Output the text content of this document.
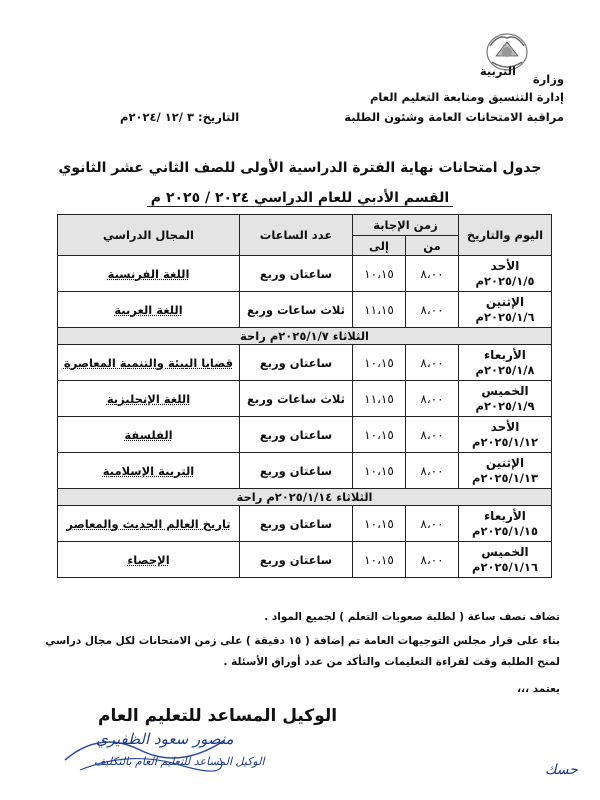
التربية
وزارة
إدارة التنسيق ومتابعة التعليم العام
مراقبة الامتحانات العامة وشئون الطلبة
التاريخ: ٣ /١٢ /٢٠٢٤م
جدول امتحانات نهاية الفترة الدراسية الأولى للصف الثاني عشر الثانوي
القسم الأدبي للعام الدراسي ٢٠٢٤ / ٢٠٢٥ م
اليوم والتاريخ	زمن الإجابة		عدد الساعات	المجال الدراسي
	من	إلى		

الأحد
٢٠٢٥/١/٥م	٨،٠٠	١٠،١٥	ساعتان وربع	اللغة الفرنسية

الإثنين
٢٠٢٥/١/٦م	٨،٠٠	١١،١٥	ثلاث ساعات وربع	اللغة العربية
الثلاثاء ٢٠٢٥/١/٧م راحة				

الأربعاء
٢٠٢٥/١/٨م	٨،٠٠	١٠،١٥	ساعتان وربع	قضايا البيئة والتنمية المعاصرة

الخميس
٢٠٢٥/١/٩م	٨،٠٠	١١،١٥	ثلاث ساعات وربع	اللغة الإنجليزية

الأحد
٢٠٢٥/١/١٢م	٨،٠٠	١٠،١٥	ساعتان وربع	الفلسفة

الإثنين
٢٠٢٥/١/١٣م	٨،٠٠	١٠،١٥	ساعتان وربع	التربية الإسلامية
الثلاثاء ٢٠٢٥/١/١٤م راحة				

الأربعاء
٢٠٢٥/١/١٥م	٨،٠٠	١٠،١٥	ساعتان وربع	تاريخ العالم الحديث والمعاصر

الخميس
٢٠٢٥/١/١٦م	٨،٠٠	١٠،١٥	ساعتان وربع	الإحصاء
تضاف نصف ساعة ( لطلبة صعوبات التعلم ) لجميع المواد .
بناء على قرار مجلس التوجيهات العامة تم إضافة ( ١٥ دقيقة ) على زمن الامتحانات لكل مجال دراسي
لمنح الطلبة وقت لقراءة التعليمات والتأكد من عدد أوراق الأسئلة .
يعتمد ،،،
الوكيل المساعد للتعليم العام
منصور سعود الظفيري
الوكيل المساعد للتعليم العام بالتكليف
حسك
